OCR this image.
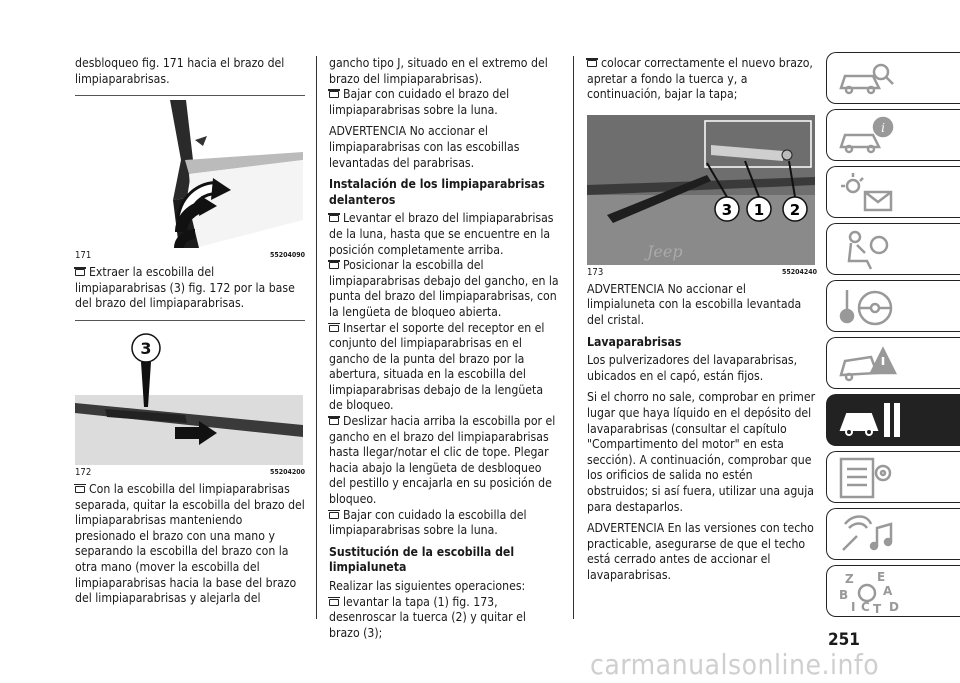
desbloqueo fig. 171 hacia el brazo del limpiaparabrisas.

171	55204090

Extraer la escobilla del limpiaparabrisas (3) fig. 172 por la base del brazo del limpiaparabrisas.

3
172	55204200

Con la escobilla del limpiaparabrisas separada, quitar la escobilla del brazo del limpiaparabrisas manteniendo presionado el brazo con una mano y separando la escobilla del brazo con la otra mano (mover la escobilla del limpiaparabrisas hacia la base del brazo del limpiaparabrisas y alejarla del

gancho tipo J, situado en el extremo del brazo del limpiaparabrisas).

Bajar con cuidado el brazo del limpiaparabrisas sobre la luna.

ADVERTENCIA No accionar el limpiaparabrisas con las escobillas levantadas del parabrisas.

Instalación de los limpiaparabrisas delanteros

Levantar el brazo del limpiaparabrisas de la luna, hasta que se encuentre en la posición completamente arriba.

Posicionar la escobilla del limpiaparabrisas debajo del gancho, en la punta del brazo del limpiaparabrisas, con la lengüeta de bloqueo abierta.

Insertar el soporte del receptor en el conjunto del limpiaparabrisas en el gancho de la punta del brazo por la abertura, situada en la escobilla del limpiaparabrisas debajo de la lengüeta de bloqueo.

Deslizar hacia arriba la escobilla por el gancho en el brazo del limpiaparabrisas hasta llegar/notar el clic de tope. Plegar hacia abajo la lengüeta de desbloqueo del pestillo y encajarla en su posición de bloqueo.

Bajar con cuidado la escobilla del limpiaparabrisas sobre la luna.

Sustitución de la escobilla del limpialuneta

Realizar las siguientes operaciones:

levantar la tapa (1) fig. 173, desenroscar la tuerca (2) y quitar el brazo (3);

colocar correctamente el nuevo brazo, apretar a fondo la tuerca y, a continuación, bajar la tapa;

Jeep
3 1 2
173	55204240

ADVERTENCIA No accionar el limpialuneta con la escobilla levantada del cristal.

Lavaparabrisas

Los pulverizadores del lavaparabrisas, ubicados en el capó, están fijos.

Si el chorro no sale, comprobar en primer lugar que haya líquido en el depósito del lavaparabrisas (consultar el capítulo "Compartimento del motor" en esta sección). A continuación, comprobar que los orificios de salida no estén obstruidos; si así fuera, utilizar una aguja para destaparlos.

ADVERTENCIA En las versiones con techo practicable, asegurarse de que el techo está cerrado antes de accionar el lavaparabrisas.

i
Z E
A
B
C D
I T
251
carmanualsonline.info
